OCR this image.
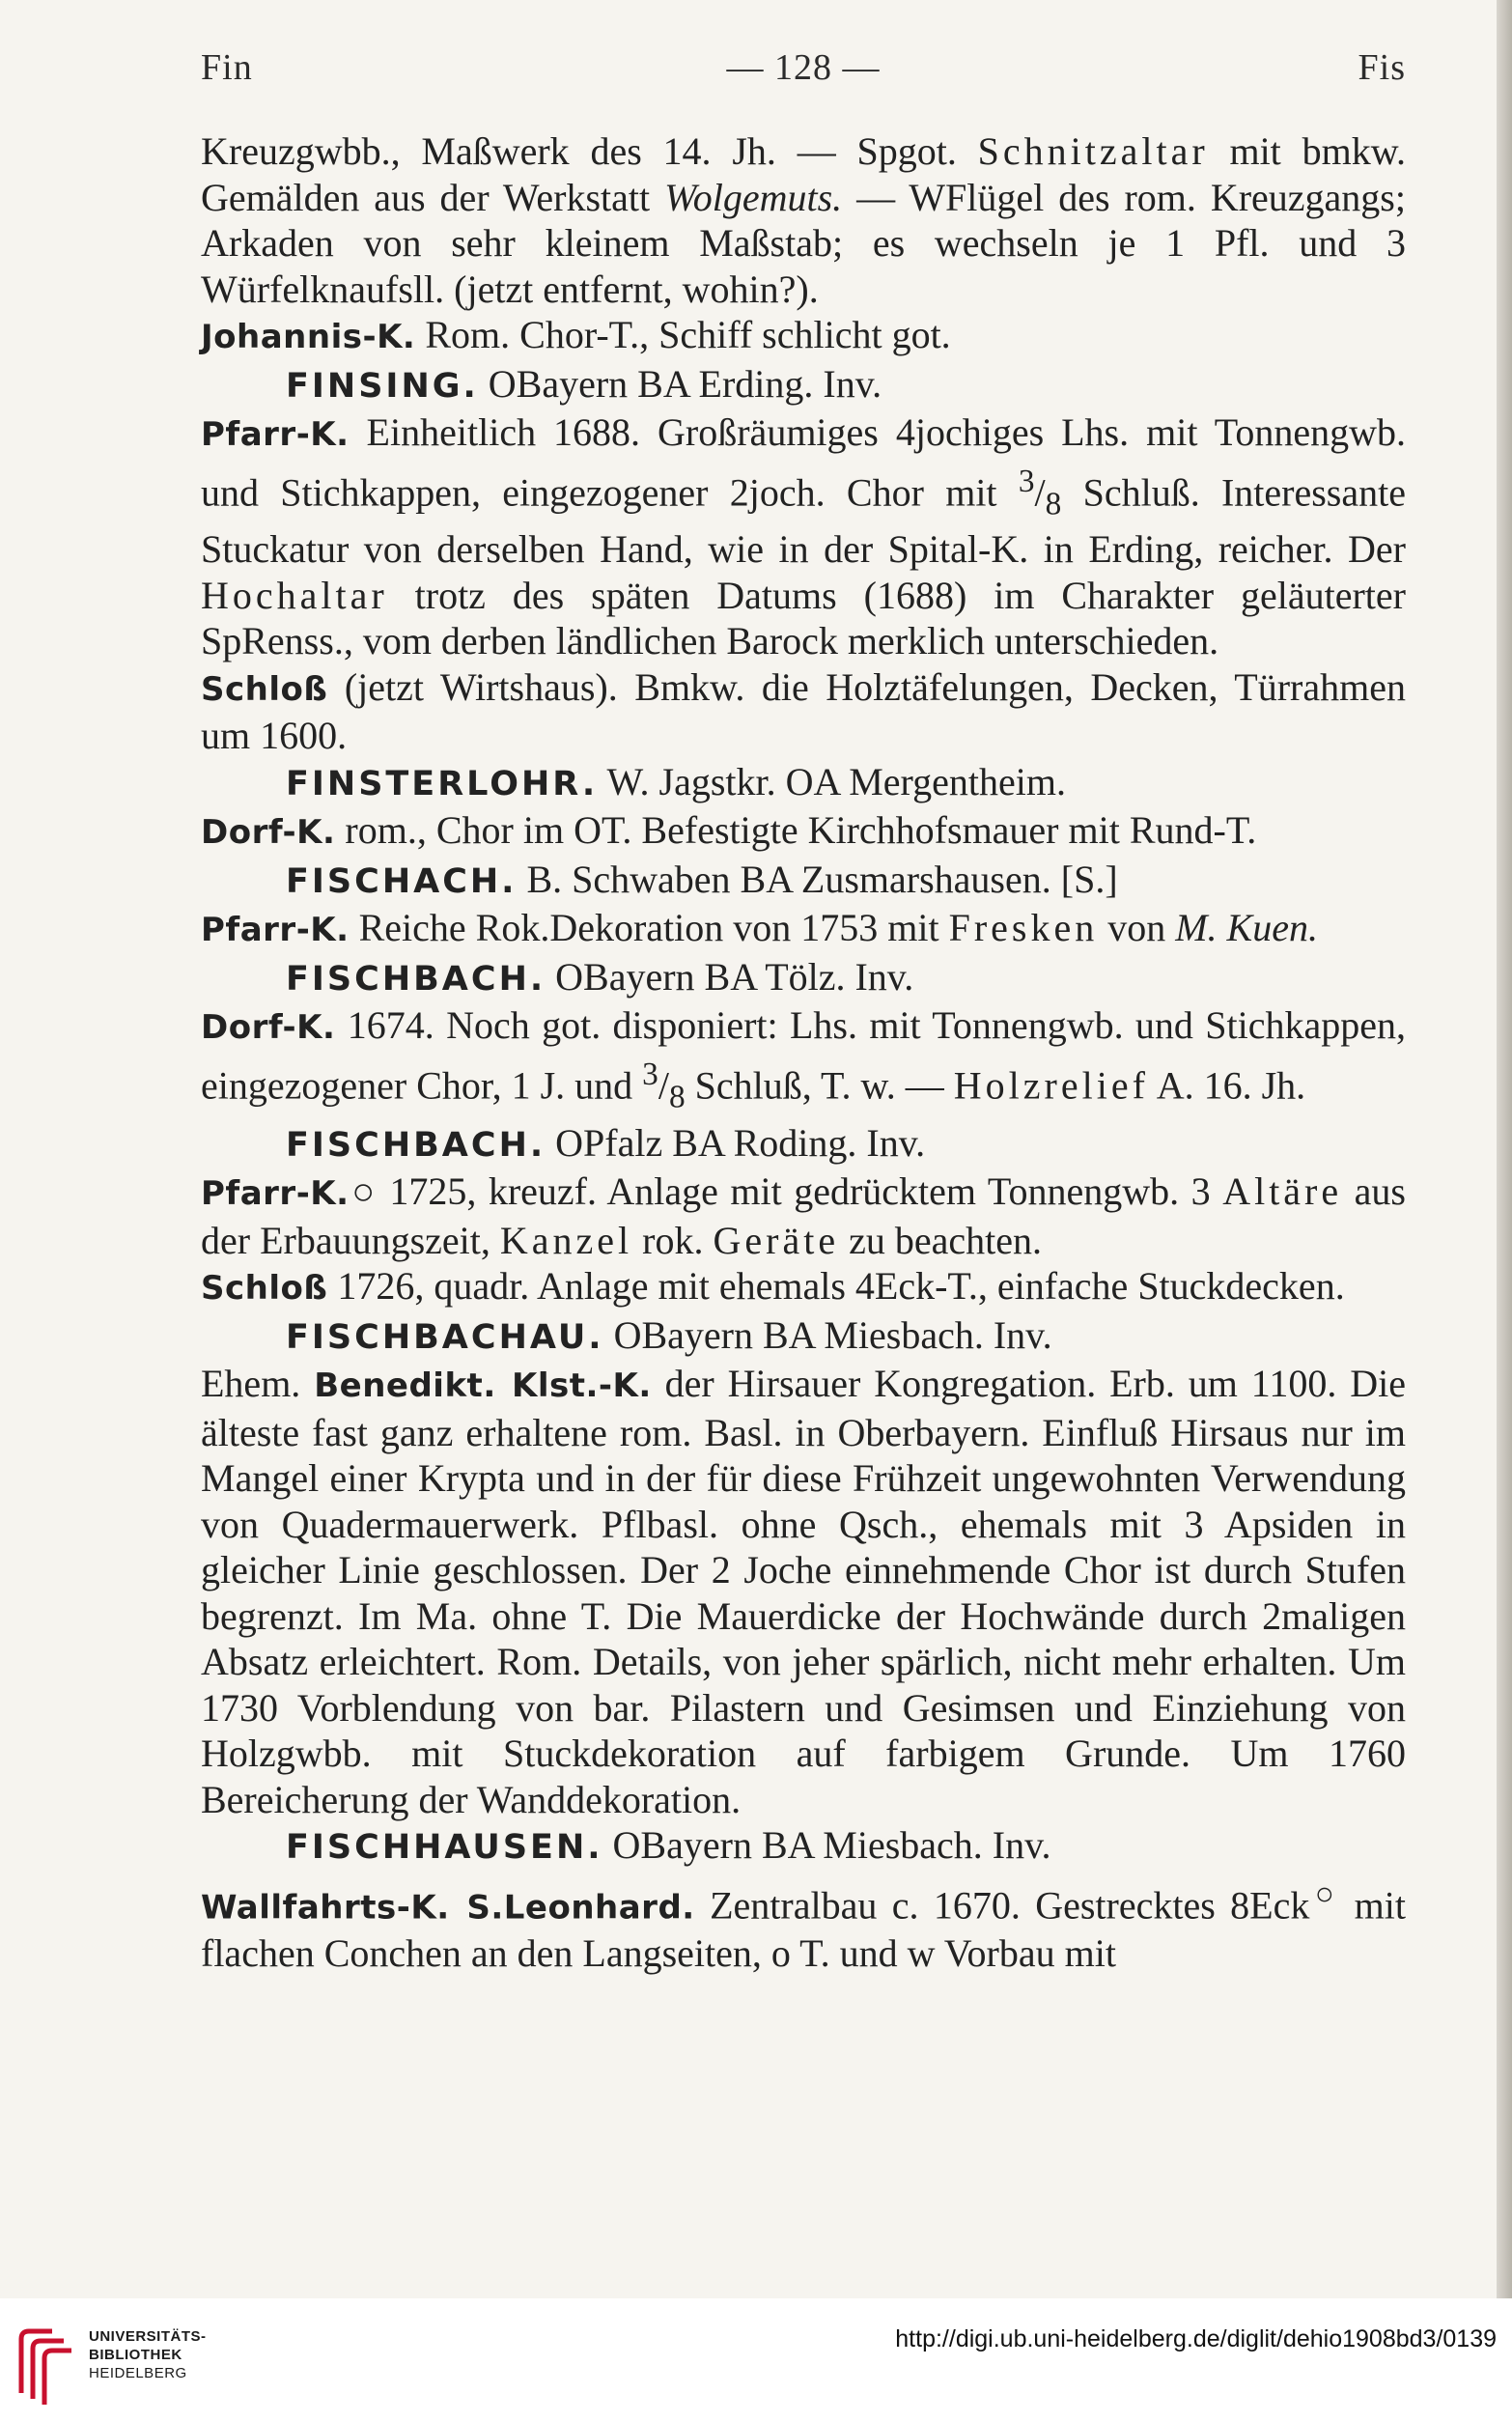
Fin	— 128 —	Fis

Kreuzgwbb., Maßwerk des 14. Jh. — Spgot. Schnitzaltar mit bmkw. Gemälden aus der Werkstatt Wolgemuts. — WFlügel des rom. Kreuzgangs; Arkaden von sehr kleinem Maßstab; es wechseln je 1 Pfl. und 3 Würfelknaufsll. (jetzt entfernt, wohin?).

Johannis-K. Rom. Chor-T., Schiff schlicht got.

FINSING. OBayern BA Erding. Inv.

Pfarr-K. Einheitlich 1688. Großräumiges 4jochiges Lhs. mit Tonnengwb. und Stichkappen, eingezogener 2joch. Chor mit $^3/_8$ Schluß. Interessante Stuckatur von derselben Hand, wie in der Spital-K. in Erding, reicher. Der Hochaltar trotz des späten Datums (1688) im Charakter geläuterter SpRenss., vom derben ländlichen Barock merklich unterschieden.

Schloß (jetzt Wirtshaus). Bmkw. die Holztäfelungen, Decken, Türrahmen um 1600.

FINSTERLOHR. W. Jagstkr. OA Mergentheim.

Dorf-K. rom., Chor im OT. Befestigte Kirchhofsmauer mit Rund-T.

FISCHACH. B. Schwaben BA Zusmarshausen. [S.]

Pfarr-K. Reiche Rok.Dekoration von 1753 mit Fresken von M. Kuen.

FISCHBACH. OBayern BA Tölz. Inv.

Dorf-K. 1674. Noch got. disponiert: Lhs. mit Tonnengwb. und Stichkappen, eingezogener Chor, 1 J. und $^3/_8$ Schluß, T. w. — Holzrelief A. 16. Jh.

FISCHBACH. OPfalz BA Roding. Inv.

Pfarr-K.○ 1725, kreuzf. Anlage mit gedrücktem Tonnengwb. 3 Altäre aus der Erbauungszeit, Kanzel rok. Geräte zu beachten.

Schloß 1726, quadr. Anlage mit ehemals 4Eck-T., einfache Stuckdecken.

FISCHBACHAU. OBayern BA Miesbach. Inv.

Ehem. Benedikt. Klst.-K. der Hirsauer Kongregation. Erb. um 1100. Die älteste fast ganz erhaltene rom. Basl. in Oberbayern. Einfluß Hirsaus nur im Mangel einer Krypta und in der für diese Frühzeit ungewohnten Verwendung von Quadermauerwerk. Pflbasl. ohne Qsch., ehemals mit 3 Apsiden in gleicher Linie geschlossen. Der 2 Joche einnehmende Chor ist durch Stufen begrenzt. Im Ma. ohne T. Die Mauerdicke der Hochwände durch 2maligen Absatz erleichtert. Rom. Details, von jeher spärlich, nicht mehr erhalten. Um 1730 Vorblendung von bar. Pilastern und Gesimsen und Einziehung von Holzgwbb. mit Stuckdekoration auf farbigem Grunde. Um 1760 Bereicherung der Wanddekoration.

FISCHHAUSEN. OBayern BA Miesbach. Inv.

Wallfahrts-K. S.Leonhard. Zentralbau c. 1670. Gestrecktes 8Eck○ mit flachen Conchen an den Langseiten, o T. und w Vorbau mit

UNIVERSITÄTS-
BIBLIOTHEK
HEIDELBERG
http://digi.ub.uni-heidelberg.de/diglit/dehio1908bd3/0139
